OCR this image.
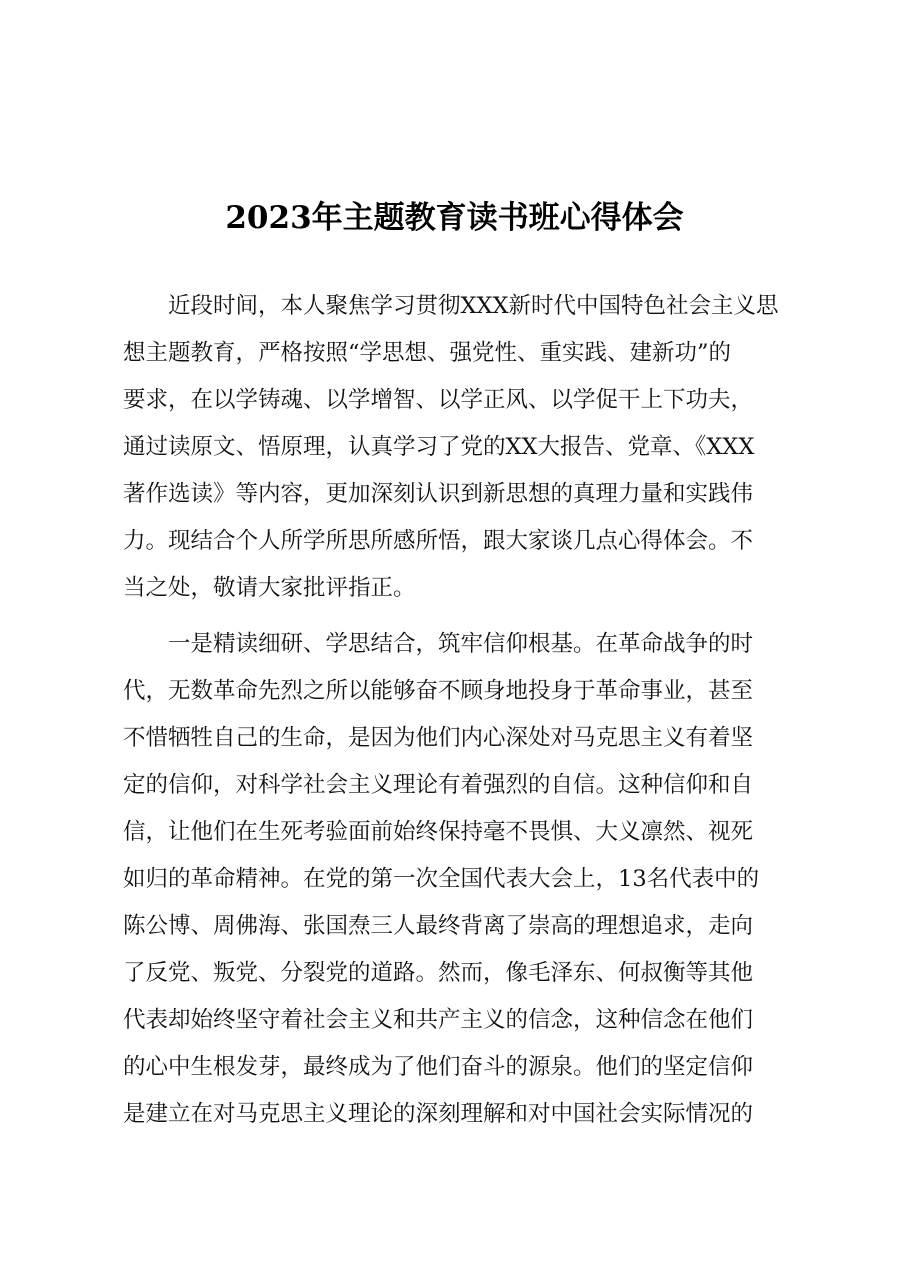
2023年主题教育读书班心得体会
　　近段时间，本人聚焦学习贯彻XXX新时代中国特色社会主义思
想主题教育，严格按照“学思想、强党性、重实践、建新功”的
要求，在以学铸魂、以学增智、以学正风、以学促干上下功夫，
通过读原文、悟原理，认真学习了党的XX大报告、党章、《XXX
著作选读》等内容，更加深刻认识到新思想的真理力量和实践伟
力。现结合个人所学所思所感所悟，跟大家谈几点心得体会。不
当之处，敬请大家批评指正。
　　一是精读细研、学思结合，筑牢信仰根基。在革命战争的时
代，无数革命先烈之所以能够奋不顾身地投身于革命事业，甚至
不惜牺牲自己的生命，是因为他们内心深处对马克思主义有着坚
定的信仰，对科学社会主义理论有着强烈的自信。这种信仰和自
信，让他们在生死考验面前始终保持毫不畏惧、大义凛然、视死
如归的革命精神。在党的第一次全国代表大会上，13名代表中的
陈公博、周佛海、张国焘三人最终背离了崇高的理想追求，走向
了反党、叛党、分裂党的道路。然而，像毛泽东、何叔衡等其他
代表却始终坚守着社会主义和共产主义的信念，这种信念在他们
的心中生根发芽，最终成为了他们奋斗的源泉。他们的坚定信仰
是建立在对马克思主义理论的深刻理解和对中国社会实际情况的
